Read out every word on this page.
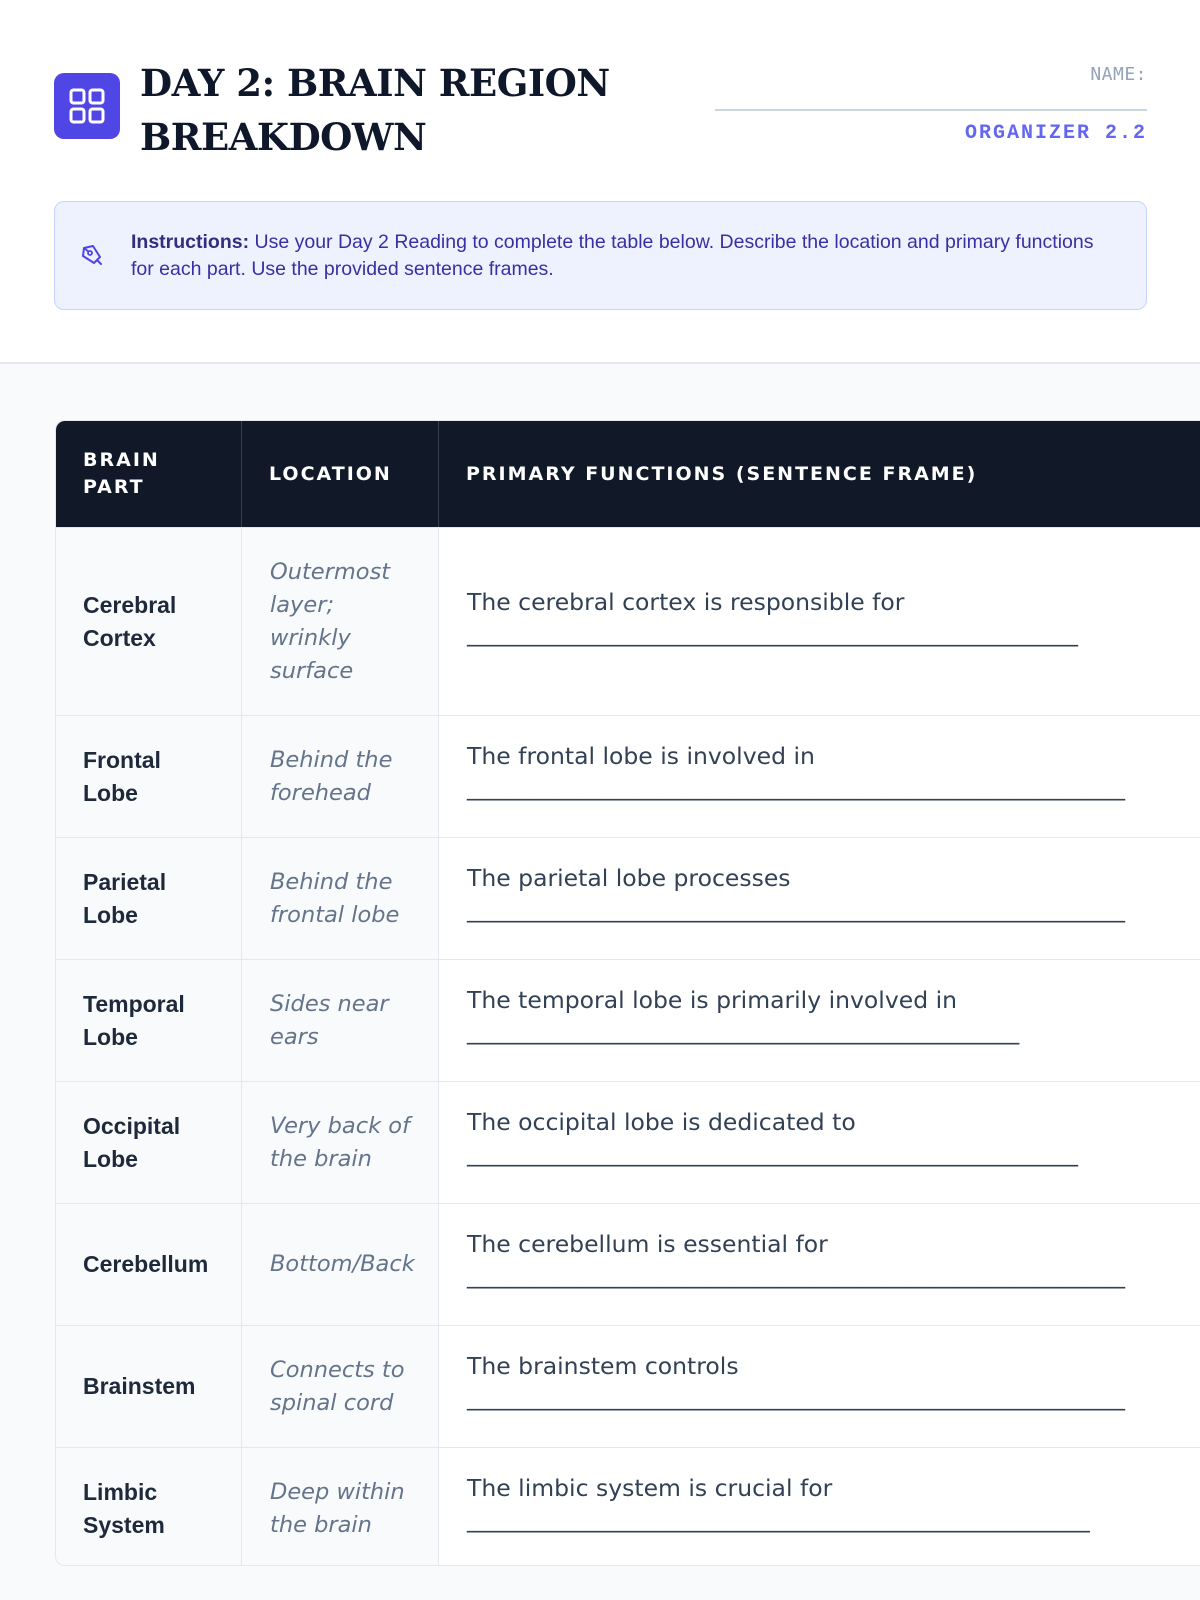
DAY 2: BRAIN REGION
BREAKDOWN
NAME:
ORGANIZER 2.2
Instructions: Use your Day 2 Reading to complete the table below. Describe the location and primary functions for each part. Use the provided sentence frames.
BRAIN PART
LOCATION	PRIMARY FUNCTIONS (SENTENCE FRAME)
Cerebral Cortex
Outermost layer; wrinkly surface
The cerebral cortex is responsible for
____________________________________________________
Frontal Lobe
Behind the forehead
The frontal lobe is involved in
________________________________________________________
Parietal Lobe
Behind the frontal lobe
The parietal lobe processes
________________________________________________________
Temporal Lobe
Sides near ears
The temporal lobe is primarily involved in
_______________________________________________
Occipital Lobe
Very back of the brain
The occipital lobe is dedicated to
____________________________________________________
Cerebellum	Bottom/Back
The cerebellum is essential for
________________________________________________________
Brainstem
Connects to spinal cord
The brainstem controls
________________________________________________________
Limbic System
Deep within the brain
The limbic system is crucial for
_____________________________________________________
